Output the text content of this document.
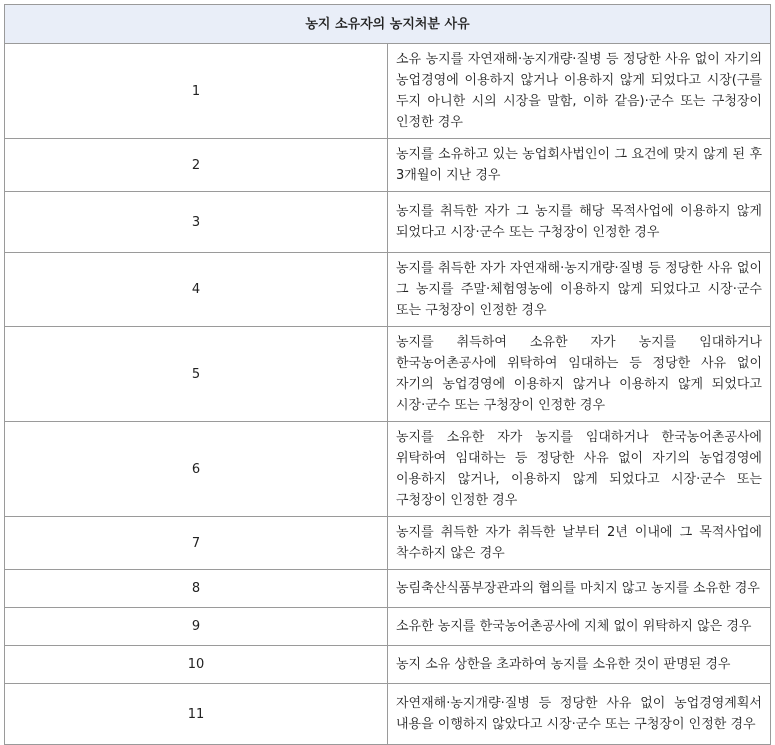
농지 소유자의 농지처분 사유	
1	소유 농지를 자연재해·농지개량·질병 등 정당한 사유 없이 자기의 농업경영에 이용하지 않거나 이용하지 않게 되었다고 시장(구를 두지 아니한 시의 시장을 말함, 이하 같음)·군수 또는 구청장이 인정한 경우
2	농지를 소유하고 있는 농업회사법인이 그 요건에 맞지 않게 된 후 3개월이 지난 경우
3	농지를 취득한 자가 그 농지를 해당 목적사업에 이용하지 않게 되었다고 시장·군수 또는 구청장이 인정한 경우
4	농지를 취득한 자가 자연재해·농지개량·질병 등 정당한 사유 없이 그 농지를 주말·체험영농에 이용하지 않게 되었다고 시장·군수 또는 구청장이 인정한 경우
5	농지를 취득하여 소유한 자가 농지를 임대하거나 한국농어촌공사에 위탁하여 임대하는 등 정당한 사유 없이 자기의 농업경영에 이용하지 않거나 이용하지 않게 되었다고 시장·군수 또는 구청장이 인정한 경우
6	농지를 소유한 자가 농지를 임대하거나 한국농어촌공사에 위탁하여 임대하는 등 정당한 사유 없이 자기의 농업경영에 이용하지 않거나, 이용하지 않게 되었다고 시장·군수 또는 구청장이 인정한 경우
7	농지를 취득한 자가 취득한 날부터 2년 이내에 그 목적사업에 착수하지 않은 경우
8	농림축산식품부장관과의 협의를 마치지 않고 농지를 소유한 경우
9	소유한 농지를 한국농어촌공사에 지체 없이 위탁하지 않은 경우
10	농지 소유 상한을 초과하여 농지를 소유한 것이 판명된 경우
11	자연재해·농지개량·질병 등 정당한 사유 없이 농업경영계획서 내용을 이행하지 않았다고 시장·군수 또는 구청장이 인정한 경우
